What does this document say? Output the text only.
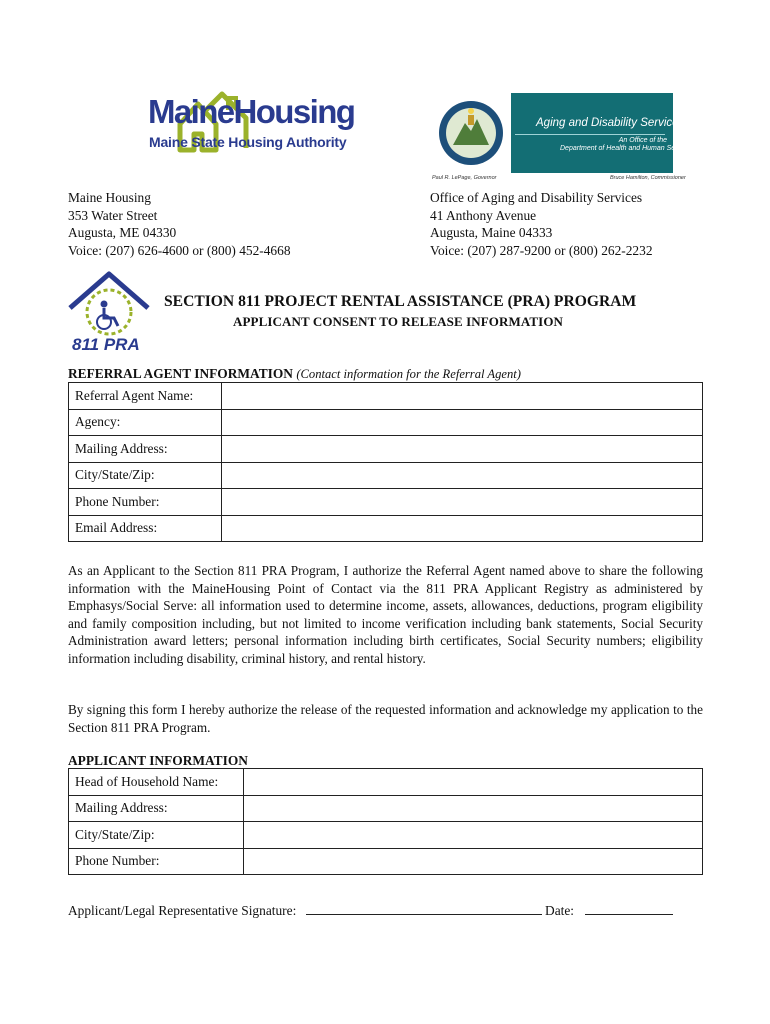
MaineHousing
Maine State Housing Authority
Aging and Disability Services
An Office of the
Department of Health and Human Services
Paul R. LePage, Governor	Bruce Hamilton, Commissioner
Maine Housing
353 Water Street
Augusta, ME 04330
Voice: (207) 626-4600 or (800) 452-4668
Office of Aging and Disability Services
41 Anthony Avenue
Augusta, Maine 04333
Voice: (207) 287-9200 or (800) 262-2232
811 PRA
SECTION 811 PROJECT RENTAL ASSISTANCE (PRA) PROGRAM
APPLICANT CONSENT TO RELEASE INFORMATION
REFERRAL AGENT INFORMATION (Contact information for the Referral Agent)
Referral Agent Name:	
Agency:	
Mailing Address:	
City/State/Zip:	
Phone Number:	
Email Address:	
As an Applicant to the Section 811 PRA Program, I authorize the Referral Agent named above to share the following information with the MaineHousing Point of Contact via the 811 PRA Applicant Registry as administered by Emphasys/Social Serve: all information used to determine income, assets, allowances, deductions, program eligibility and family composition including, but not limited to income verification including bank statements, Social Security Administration award letters; personal information including birth certificates, Social Security numbers; eligibility information including disability, criminal history, and rental history.
By signing this form I hereby authorize the release of the requested information and acknowledge my application to the Section 811 PRA Program.
APPLICANT INFORMATION
Head of Household Name:	
Mailing Address:	
City/State/Zip:	
Phone Number:	
Applicant/Legal Representative Signature:	Date:
